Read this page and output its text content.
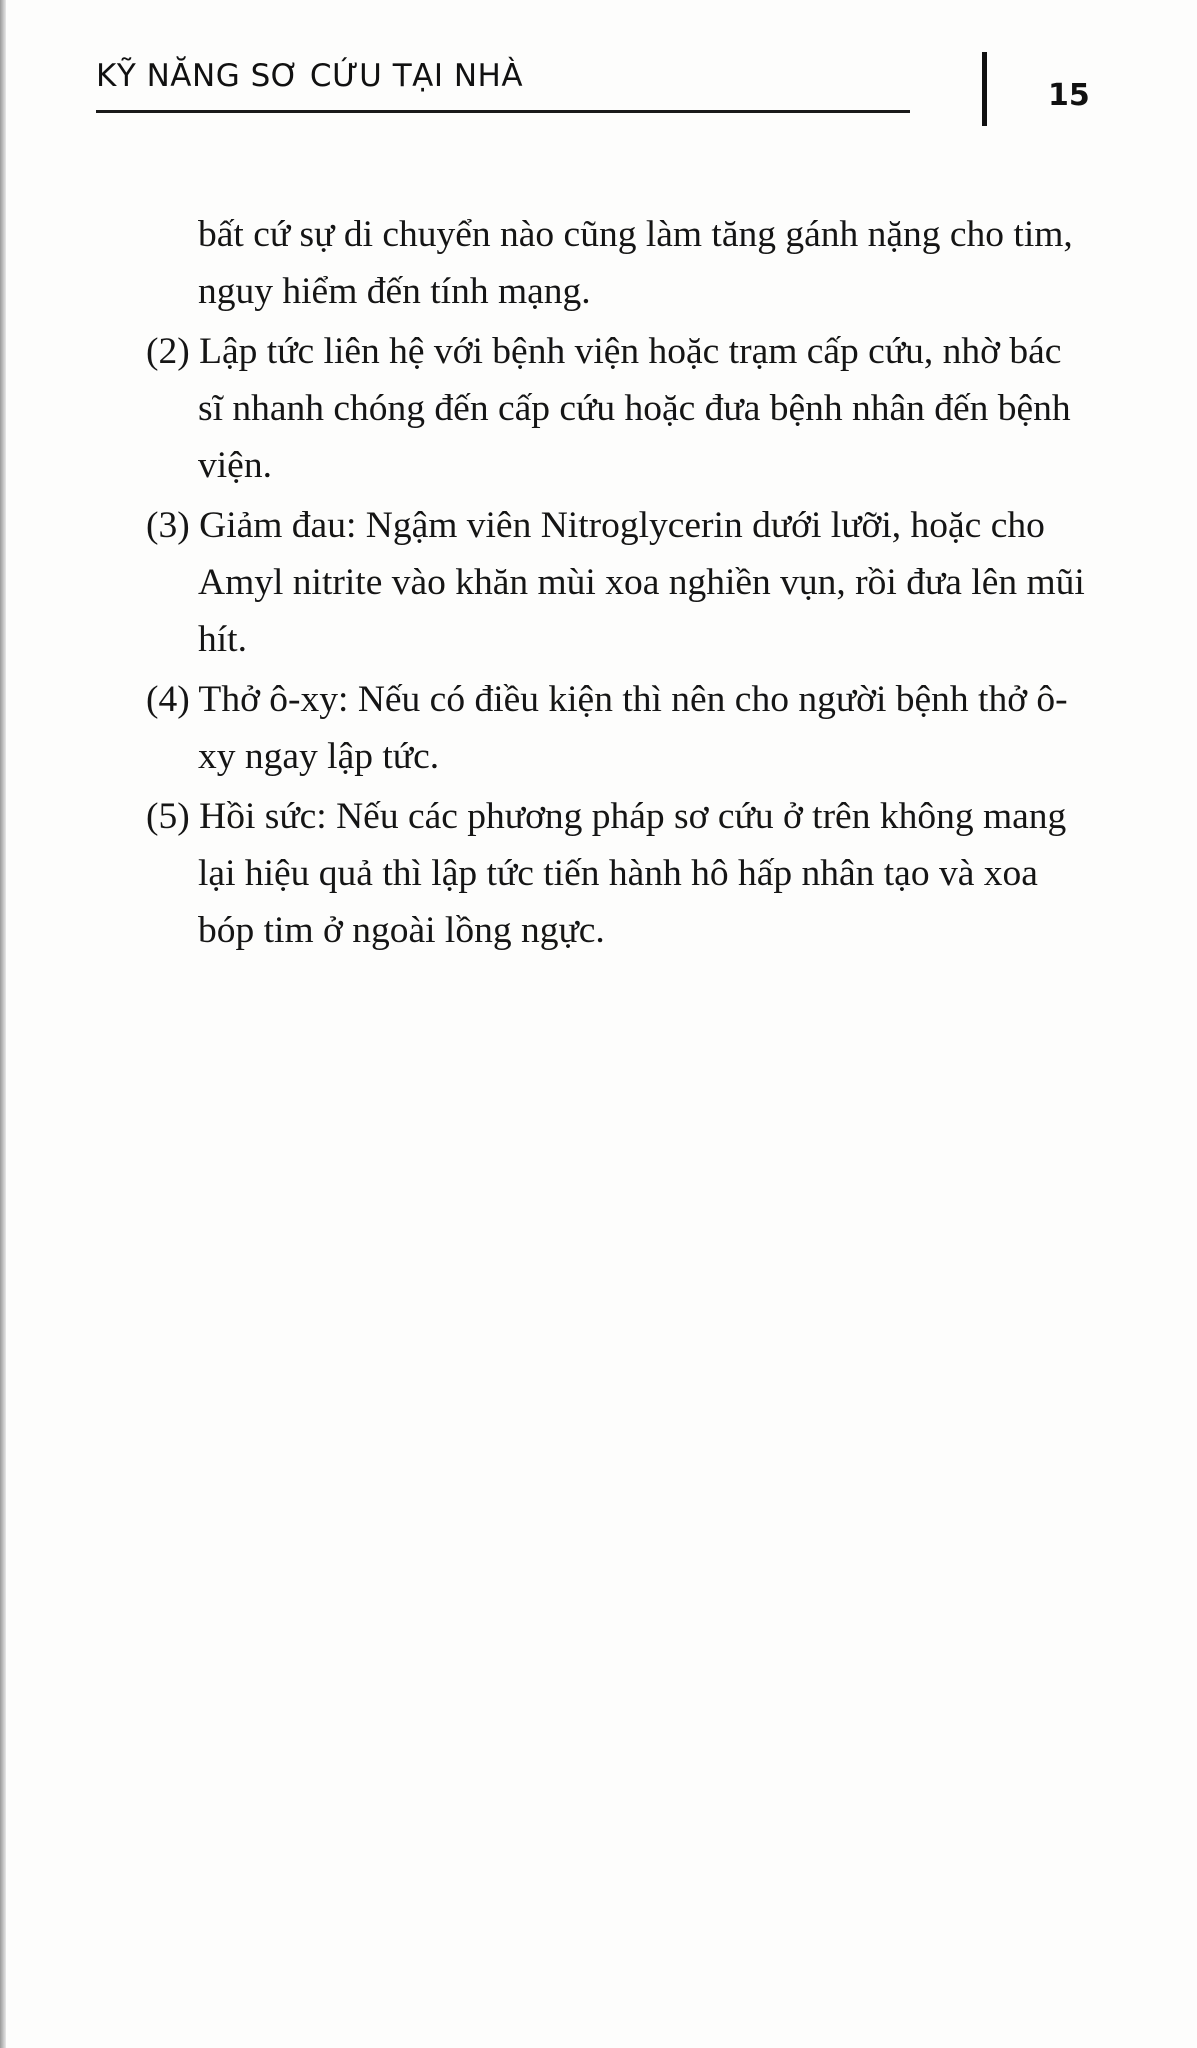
KỸ NĂNG SƠ CỨU TẠI NHÀ
15

bất cứ sự di chuyển nào cũng làm tăng gánh nặng cho tim, nguy hiểm đến tính mạng.

(2) Lập tức liên hệ với bệnh viện hoặc trạm cấp cứu, nhờ bác sĩ nhanh chóng đến cấp cứu hoặc đưa bệnh nhân đến bệnh viện.

(3) Giảm đau: Ngậm viên Nitroglycerin dưới lưỡi, hoặc cho Amyl nitrite vào khăn mùi xoa nghiền vụn, rồi đưa lên mũi hít.

(4) Thở ô-xy: Nếu có điều kiện thì nên cho người bệnh thở ô-xy ngay lập tức.

(5) Hồi sức: Nếu các phương pháp sơ cứu ở trên không mang lại hiệu quả thì lập tức tiến hành hô hấp nhân tạo và xoa bóp tim ở ngoài lồng ngực.
